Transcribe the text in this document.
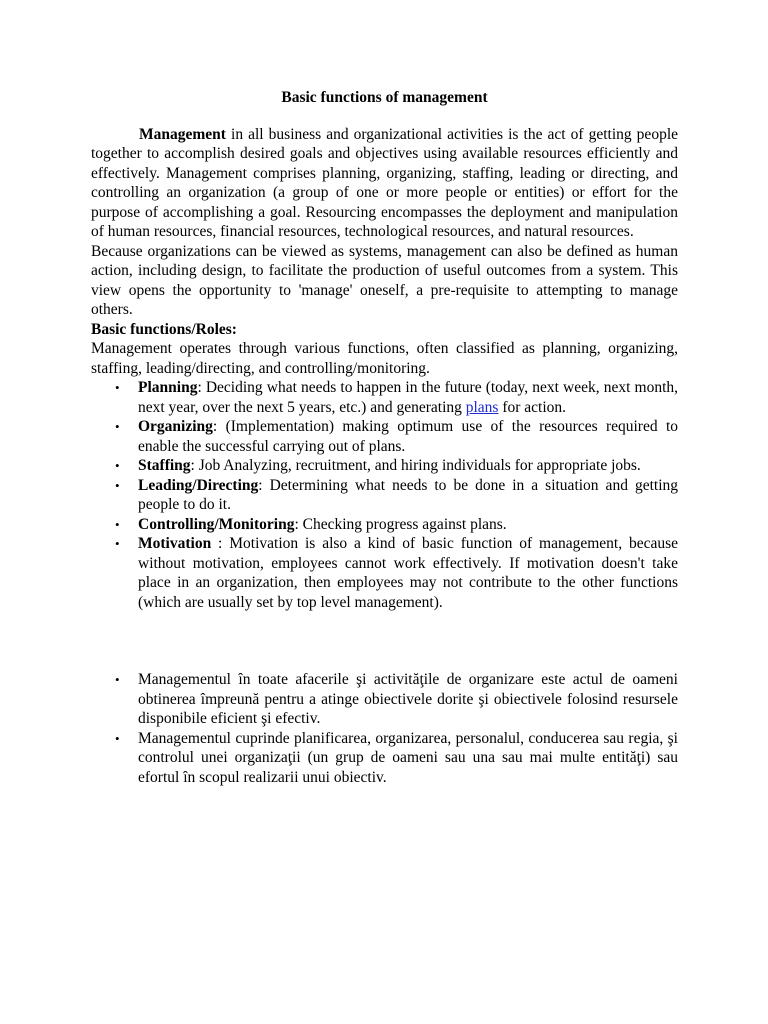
Basic functions of management

Management in all business and organizational activities is the act of getting people together to accomplish desired goals and objectives using available resources efficiently and effectively. Management comprises planning, organizing, staffing, leading or directing, and controlling an organization (a group of one or more people or entities) or effort for the purpose of accomplishing a goal. Resourcing encompasses the deployment and manipulation of human resources, financial resources, technological resources, and natural resources.

Because organizations can be viewed as systems, management can also be defined as human action, including design, to facilitate the production of useful outcomes from a system. This view opens the opportunity to 'manage' oneself, a pre-requisite to attempting to manage others.

Basic functions/Roles:

Management operates through various functions, often classified as planning, organizing, staffing, leading/directing, and controlling/monitoring.

• Planning: Deciding what needs to happen in the future (today, next week, next month, next year, over the next 5 years, etc.) and generating plans for action.
• Organizing: (Implementation) making optimum use of the resources required to enable the successful carrying out of plans.
• Staffing: Job Analyzing, recruitment, and hiring individuals for appropriate jobs.
• Leading/Directing: Determining what needs to be done in a situation and getting people to do it.
• Controlling/Monitoring: Checking progress against plans.
• Motivation : Motivation is also a kind of basic function of management, because without motivation, employees cannot work effectively. If motivation doesn't take place in an organization, then employees may not contribute to the other functions (which are usually set by top level management).
• Managementul în toate afacerile şi activităţile de organizare este actul de oameni obtinerea împreună pentru a atinge obiectivele dorite şi obiectivele folosind resursele disponibile eficient şi efectiv.
• Managementul cuprinde planificarea, organizarea, personalul, conducerea sau regia, şi controlul unei organizaţii (un grup de oameni sau una sau mai multe entităţi) sau efortul în scopul realizarii unui obiectiv.
